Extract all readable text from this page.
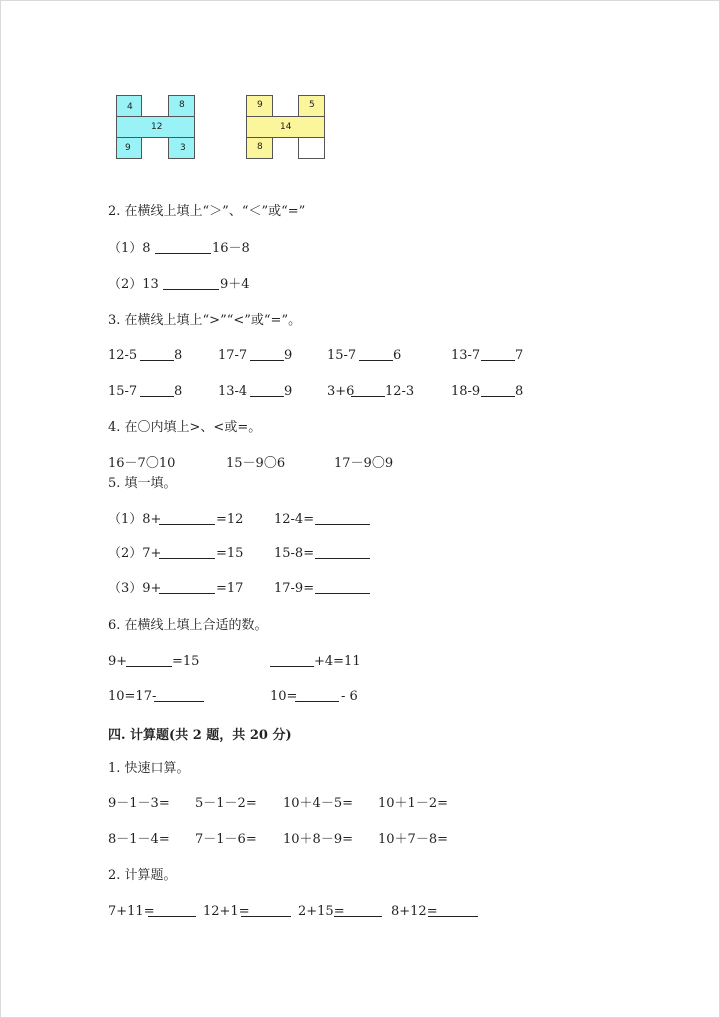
4	8
12
9	3
9	5
14
8
2. 在横线上填上“＞”、“＜”或“=”
（1）8	16－8
（2）13	9＋4
3. 在横线上填上“>”“<”或“=”。
12-5	8	17-7	9	15-7	6	13-7	7
15-7	8	13-4	9	3+6 12-3	18-9	8
4. 在〇内填上>、<或=。
16－7〇10	15－9〇6	17－9〇9
5. 填一填。
（1）8+	=12 12-4=
（2）7+	=15 15-8=
（3）9+	=17 17-9=
6. 在横线上填上合适的数。
9+	=15	+4=11
10=17-	10=	- 6
四. 计算题(共 2 题，共 20 分)
1. 快速口算。
9－1－3= 5－1－2= 10＋4－5= 10＋1－2=
8－1－4= 7－1－6= 10＋8－9= 10＋7－8=
2. 计算题。
7+11=	12+1=	2+15=	8+12=
